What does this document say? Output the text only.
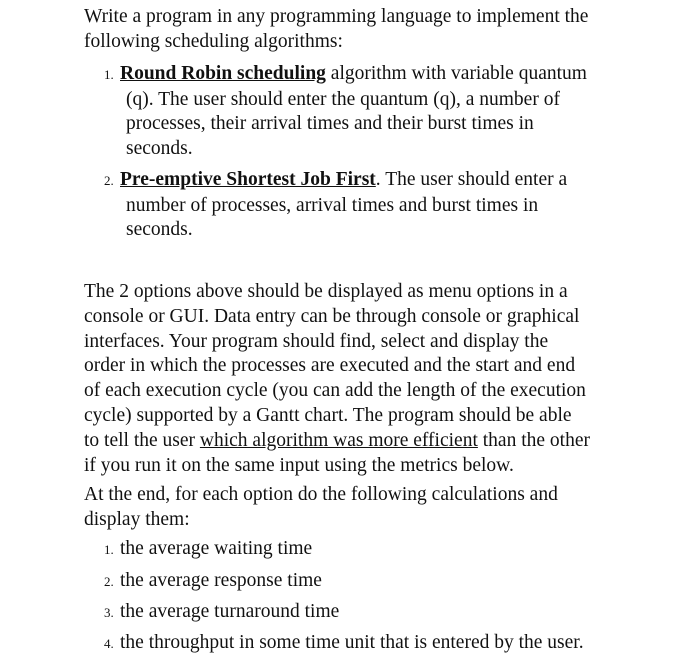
Write a program in any programming language to implement the
following scheduling algorithms:
1. Round Robin scheduling algorithm with variable quantum
(q). The user should enter the quantum (q), a number of
processes, their arrival times and their burst times in
seconds.
2. Pre-emptive Shortest Job First. The user should enter a
number of processes, arrival times and burst times in
seconds.
The 2 options above should be displayed as menu options in a
console or GUI. Data entry can be through console or graphical
interfaces. Your program should find, select and display the
order in which the processes are executed and the start and end
of each execution cycle (you can add the length of the execution
cycle) supported by a Gantt chart. The program should be able
to tell the user which algorithm was more efficient than the other
if you run it on the same input using the metrics below.
At the end, for each option do the following calculations and
display them:
1. the average waiting time
2. the average response time
3. the average turnaround time
4. the throughput in some time unit that is entered by the user.
